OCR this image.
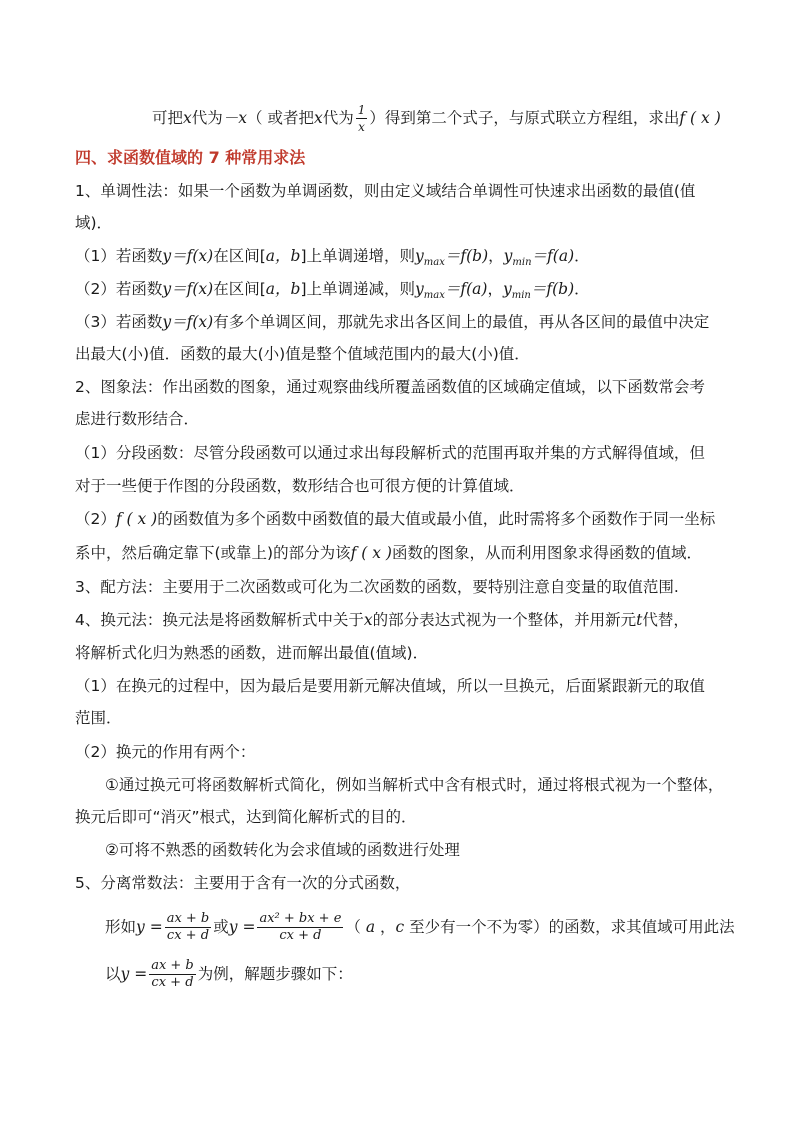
可把x代为－x（ 或者把x代为 $\frac{1}{x}$ ）得到第二个式子，与原式联立方程组，求出f ( x )
四、求函数值域的 7 种常用求法
1、单调性法：如果一个函数为单调函数，则由定义域结合单调性可快速求出函数的最值(值
域)．
（1）若函数y＝f(x)在区间[a，b]上单调递增，则$y_{max}=f(b)$，$y_{min}=f(a)$．
（2）若函数y＝f(x)在区间[a，b]上单调递减，则$y_{max}=f(a)$，$y_{min}=f(b)$．
（3）若函数y＝f(x)有多个单调区间，那就先求出各区间上的最值，再从各区间的最值中决定
出最大(小)值．函数的最大(小)值是整个值域范围内的最大(小)值．
2、图象法：作出函数的图象，通过观察曲线所覆盖函数值的区域确定值域，以下函数常会考
虑进行数形结合．
（1）分段函数：尽管分段函数可以通过求出每段解析式的范围再取并集的方式解得值域，但
对于一些便于作图的分段函数，数形结合也可很方便的计算值域．
（2）f ( x )的函数值为多个函数中函数值的最大值或最小值，此时需将多个函数作于同一坐标
系中，然后确定靠下(或靠上)的部分为该f ( x )函数的图象，从而利用图象求得函数的值域．
3、配方法：主要用于二次函数或可化为二次函数的函数，要特别注意自变量的取值范围.
4、换元法：换元法是将函数解析式中关于x的部分表达式视为一个整体，并用新元t代替，
将解析式化归为熟悉的函数，进而解出最值(值域)．
（1）在换元的过程中，因为最后是要用新元解决值域，所以一旦换元，后面紧跟新元的取值
范围．
（2）换元的作用有两个：
①通过换元可将函数解析式简化，例如当解析式中含有根式时，通过将根式视为一个整体，
换元后即可“消灭”根式，达到简化解析式的目的．
②可将不熟悉的函数转化为会求值域的函数进行处理
5、分离常数法：主要用于含有一次的分式函数，
形如$y = \frac{ax + b}{cx + d}$ 或$y = \frac{\text{ax² + bx + e}}{cx + d}$ （ a ，c 至少有一个不为零）的函数，求其值域可用此法
以$y = \frac{ax + b}{cx + d}$ 为例，解题步骤如下：
